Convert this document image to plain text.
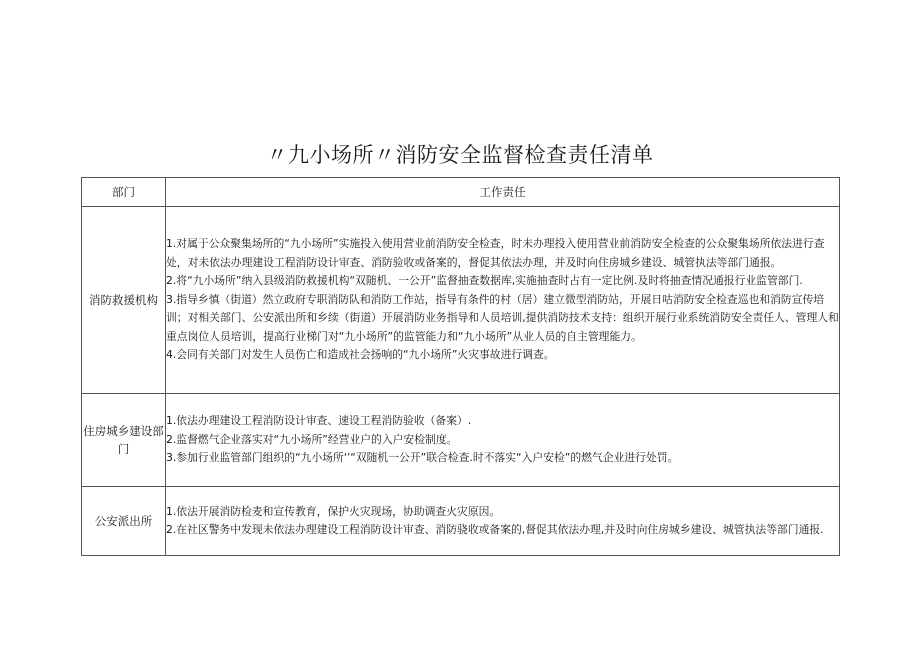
〃九小场所〃消防安全监督检查责任清单
部门	工作责任
消防救援机构	1.对属于公众聚集场所的“九小场所”实施投入使用营业前消防安全检查，时未办理投入使用营业前消防安全检查的公众聚集场所依法进行查处，对未依法办理建设工程消防设计审查、消防验收或备案的，督促其依法办理，并及时向住房城乡建设、城管执法等部门通报。

2.将“九小场所”纳入县级消防救援机构“双随机、一公开”监督抽查数据库,实施抽查时占有一定比例.及时将抽查情况通报行业监管部门.

3.指导乡慎（街道）然立政府专职消防队和消防工作站，指导有条件的村（居）建立微型消防站，开展日咕消防安全检查巡也和消防宣传培训；对相关部门、公安派出所和乡续（街道）开展消防业务指导和人员培训,提供消防技术支持：组织开展行业系统消防安全责任人、管理人和重点岗位人员培训，提高行业梯门对“九小场所”的监管能力和“九小场所”从业人员的自主管理能力。

4.会同有关部门对发生人员伤亡和造成社会扬响的“九小场所”火灾事故进行调查。

住房城乡建设部门	1.依法办理建设工程消防设计审查、速设工程消防验收（备案）.

2.监督燃气企业落实对“九小场所”经营业户的入户安检制度。

3.参加行业监管部门组织的“九小场所'’“双随机一公开”联合检查.时不落实“入户安检”的燃气企业进行处罚。

公安派出所	1.依法开展消防检麦和宣传教育，保护火灾现场，协助调查火灾原因。

2.在社区警务中发现未依法办理建设工程消防设计审查、消防骁收或备案的,督促其依法办理,并及时向住房城乡建设、城管执法等部门通报.
